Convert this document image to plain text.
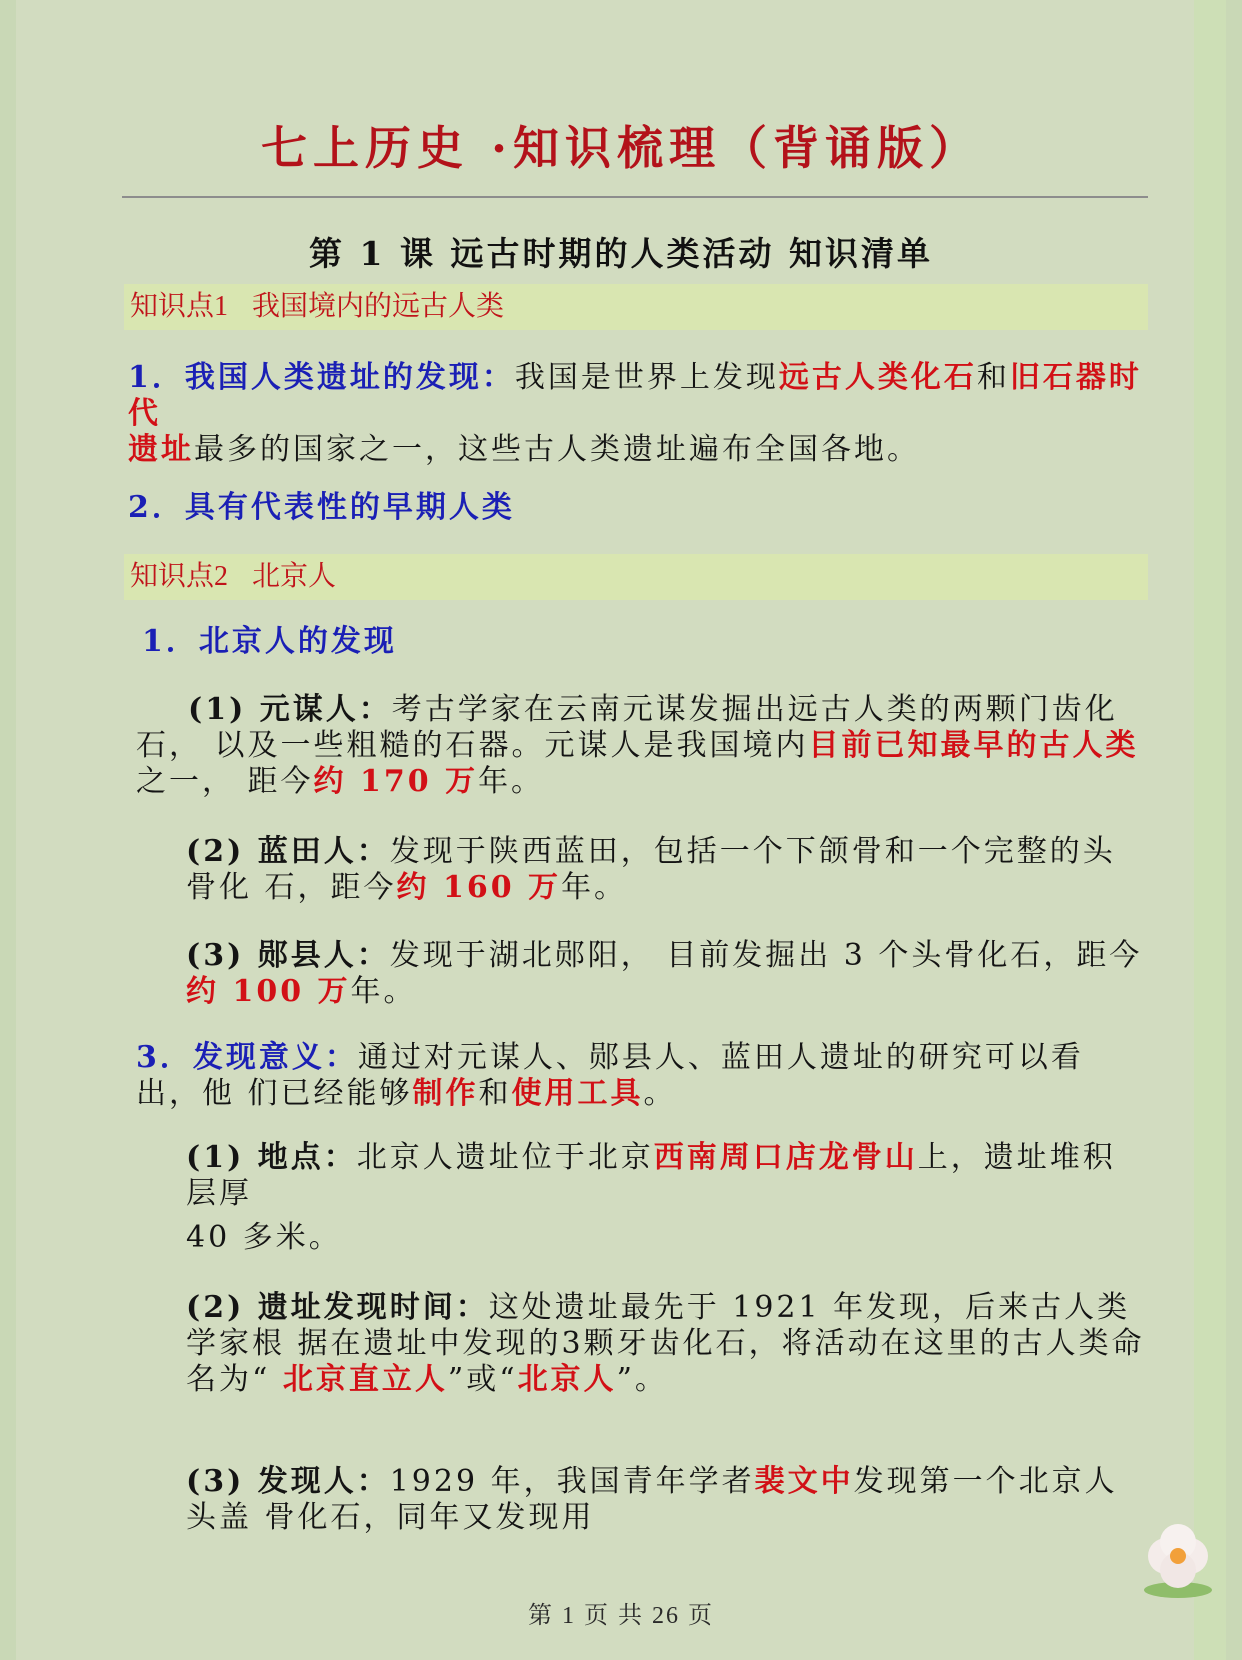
七上历史 ·知识梳理（背诵版）
第 1 课 远古时期的人类活动 知识清单
知识点1 我国境内的远古人类

1．我国人类遗址的发现：我国是世界上发现远古人类化石和旧石器时代

遗址最多的国家之一，这些古人类遗址遍布全国各地。

2．具有代表性的早期人类
知识点2 北京人
1．北京人的发现

(1) 元谋人：考古学家在云南元谋发掘出远古人类的两颗门齿化石， 以及一些粗糙的石器。元谋人是我国境内目前已知最早的古人类之一， 距今约 170 万年。

(2) 蓝田人：发现于陕西蓝田，包括一个下颌骨和一个完整的头骨化 石，距今约 160 万年。

(3) 郧县人：发现于湖北郧阳， 目前发掘出 3 个头骨化石，距今约 100 万年。

3．发现意义：通过对元谋人、郧县人、蓝田人遗址的研究可以看出，他 们已经能够制作和使用工具。

(1) 地点：北京人遗址位于北京西南周口店龙骨山上，遗址堆积层厚

40 多米。

(2) 遗址发现时间：这处遗址最先于 1921 年发现，后来古人类学家根 据在遗址中发现的3颗牙齿化石，将活动在这里的古人类命名为“ 北京直立人”或“北京人”。

(3) 发现人：1929 年，我国青年学者裴文中发现第一个北京人头盖 骨化石，同年又发现用

第 1 页 共 26 页
